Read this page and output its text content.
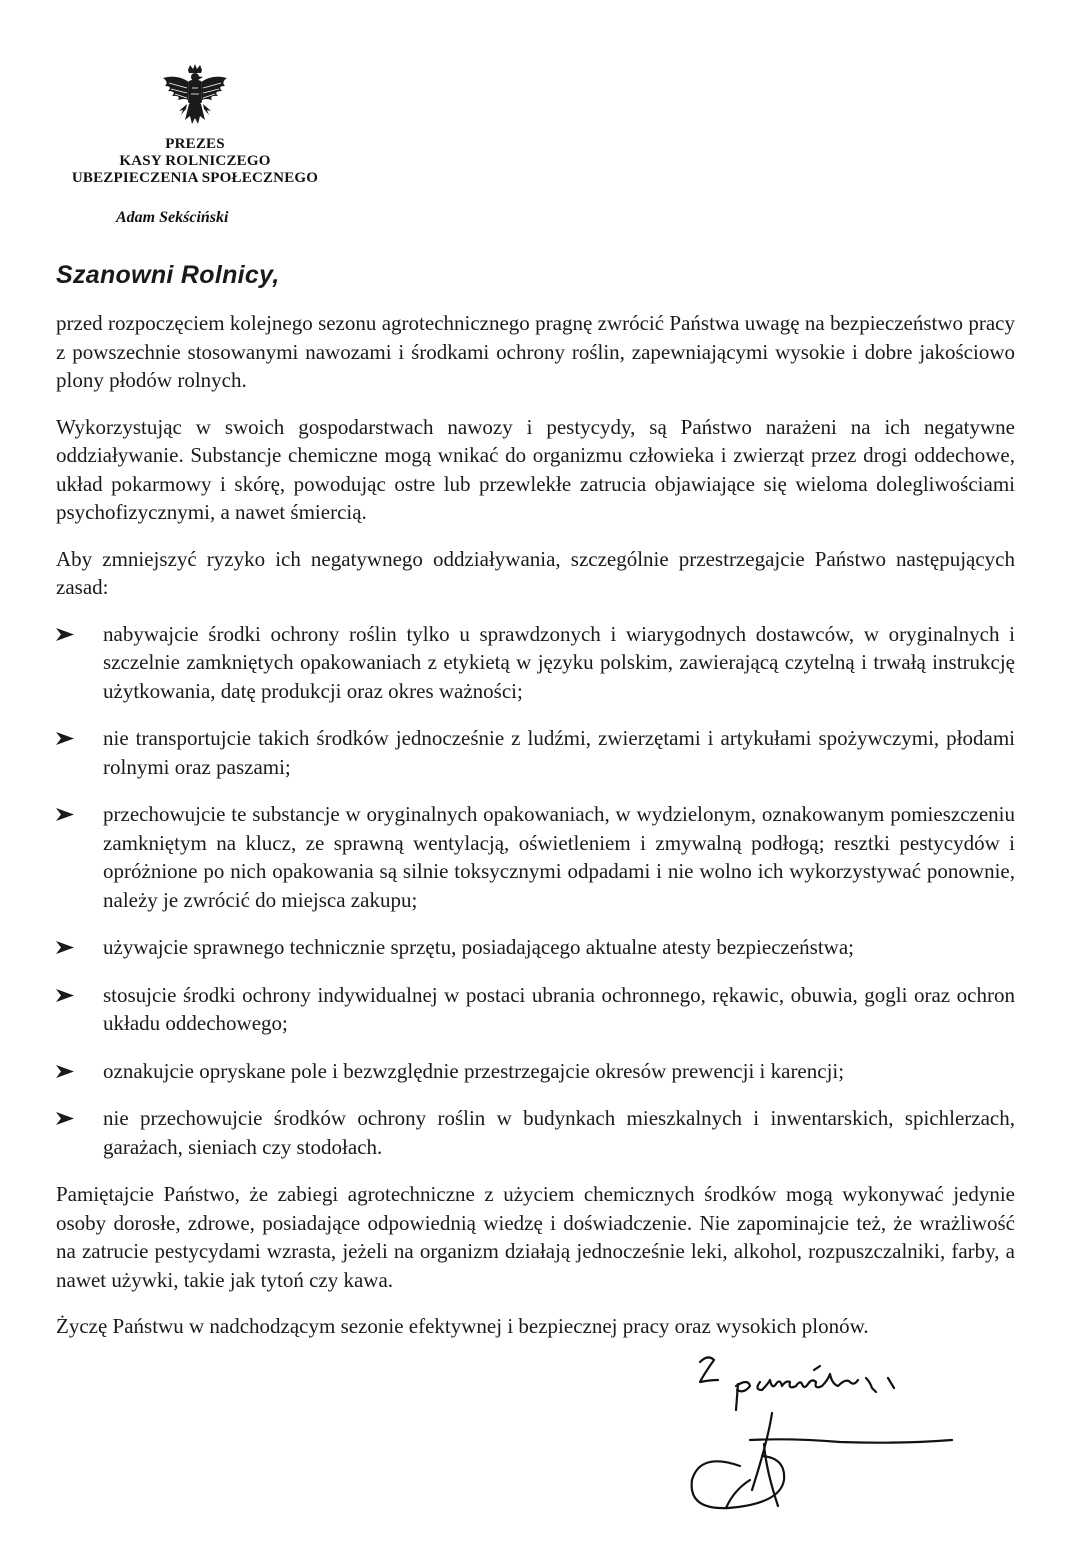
PREZES
KASY ROLNICZEGO
UBEZPIECZENIA SPOŁECZNEGO
Adam Sekściński
Szanowni Rolnicy,

przed rozpoczęciem kolejnego sezonu agrotechnicznego pragnę zwrócić Państwa uwagę na bezpieczeństwo pracy z powszechnie stosowanymi nawozami i środkami ochrony roślin, zapewniającymi wysokie i dobre jakościowo plony płodów rolnych.

Wykorzystując w swoich gospodarstwach nawozy i pestycydy, są Państwo narażeni na ich negatywne oddziaływanie. Substancje chemiczne mogą wnikać do organizmu człowieka i zwierząt przez drogi oddechowe, układ pokarmowy i skórę, powodując ostre lub przewlekłe zatrucia objawiające się wieloma dolegliwościami psychofizycznymi, a nawet śmiercią.

Aby zmniejszyć ryzyko ich negatywnego oddziaływania, szczególnie przestrzegajcie Państwo następujących zasad:

nabywajcie środki ochrony roślin tylko u sprawdzonych i wiarygodnych dostawców, w oryginalnych i szczelnie zamkniętych opakowaniach z etykietą w języku polskim, zawierającą czytelną i trwałą instrukcję użytkowania, datę produkcji oraz okres ważności;
nie transportujcie takich środków jednocześnie z ludźmi, zwierzętami i artykułami spożywczymi, płodami rolnymi oraz paszami;
przechowujcie te substancje w oryginalnych opakowaniach, w wydzielonym, oznakowanym pomieszczeniu zamkniętym na klucz, ze sprawną wentylacją, oświetleniem i zmywalną podłogą; resztki pestycydów i opróżnione po nich opakowania są silnie toksycznymi odpadami i nie wolno ich wykorzystywać ponownie, należy je zwrócić do miejsca zakupu;
używajcie sprawnego technicznie sprzętu, posiadającego aktualne atesty bezpieczeństwa;
stosujcie środki ochrony indywidualnej w postaci ubrania ochronnego, rękawic, obuwia, gogli oraz ochron układu oddechowego;
oznakujcie opryskane pole i bezwzględnie przestrzegajcie okresów prewencji i karencji;
nie przechowujcie środków ochrony roślin w budynkach mieszkalnych i inwentarskich, spichlerzach, garażach, sieniach czy stodołach.

Pamiętajcie Państwo, że zabiegi agrotechniczne z użyciem chemicznych środków mogą wykonywać jedynie osoby dorosłe, zdrowe, posiadające odpowiednią wiedzę i doświadczenie. Nie zapominajcie też, że wrażliwość na zatrucie pestycydami wzrasta, jeżeli na organizm działają jednocześnie leki, alkohol, rozpuszczalniki, farby, a nawet używki, takie jak tytoń czy kawa.

Życzę Państwu w nadchodzącym sezonie efektywnej i bezpiecznej pracy oraz wysokich plonów.
